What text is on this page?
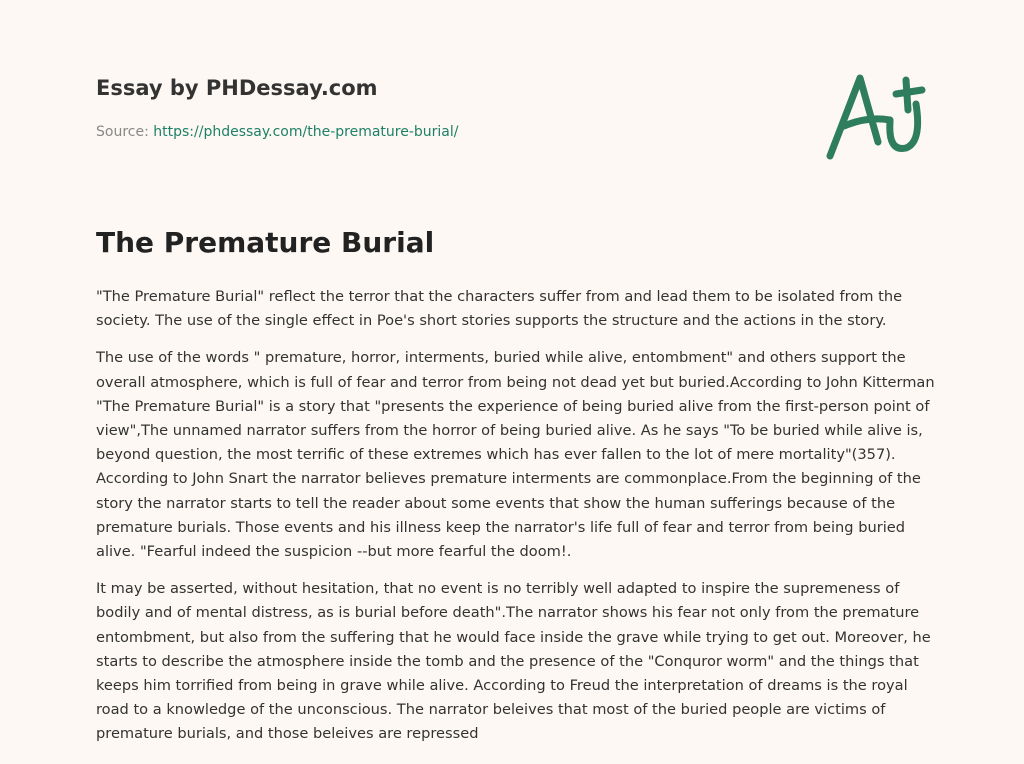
Essay by PHDessay.com

Source: https://phdessay.com/the-premature-burial/
The Premature Burial

"The Premature Burial" reflect the terror that the characters suffer from and lead them to be isolated from the society. The use of the single effect in Poe's short stories supports the structure and the actions in the story.

The use of the words " premature, horror, interments, buried while alive, entombment" and others support the overall atmosphere, which is full of fear and terror from being not dead yet but buried.According to John Kitterman "The Premature Burial" is a story that "presents the experience of being buried alive from the first-person point of view",The unnamed narrator suffers from the horror of being buried alive. As he says "To be buried while alive is, beyond question, the most terrific of these extremes which has ever fallen to the lot of mere mortality"(357). According to John Snart the narrator believes premature interments are commonplace.From the beginning of the story the narrator starts to tell the reader about some events that show the human sufferings because of the premature burials. Those events and his illness keep the narrator's life full of fear and terror from being buried alive. "Fearful indeed the suspicion --but more fearful the doom!.

It may be asserted, without hesitation, that no event is no terribly well adapted to inspire the supremeness of bodily and of mental distress, as is burial before death".The narrator shows his fear not only from the premature entombment, but also from the suffering that he would face inside the grave while trying to get out. Moreover, he starts to describe the atmosphere inside the tomb and the presence of the "Conquror worm" and the things that keeps him torrified from being in grave while alive. According to Freud the interpretation of dreams is the royal road to a knowledge of the unconscious. The narrator beleives that most of the buried people are victims of premature burials, and those beleives are repressed
